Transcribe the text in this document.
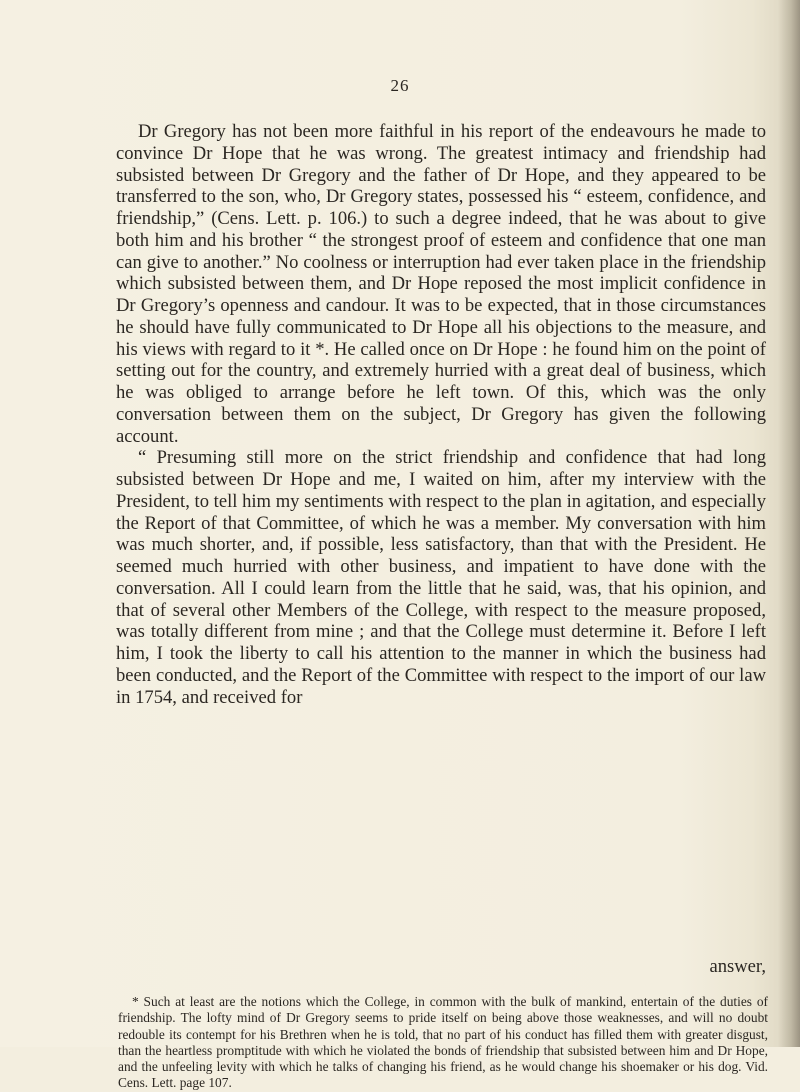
26

Dr Gregory has not been more faithful in his report of the endeavours he made to convince Dr Hope that he was wrong. The greatest intimacy and friendship had subsisted between Dr Gregory and the father of Dr Hope, and they appeared to be transferred to the son, who, Dr Gregory states, possessed his “ esteem, confidence, and friendship,” (Cens. Lett. p. 106.) to such a degree indeed, that he was about to give both him and his brother “ the strongest proof of esteem and confidence that one man can give to another.” No coolness or interruption had ever taken place in the friendship which subsisted between them, and Dr Hope reposed the most implicit confidence in Dr Gregory’s openness and candour. It was to be expected, that in those circumstances he should have fully communicated to Dr Hope all his objections to the measure, and his views with regard to it *. He called once on Dr Hope : he found him on the point of setting out for the country, and extremely hurried with a great deal of business, which he was obliged to arrange before he left town. Of this, which was the only conversation between them on the subject, Dr Gregory has given the following account.

“ Presuming still more on the strict friendship and confidence that had long subsisted between Dr Hope and me, I waited on him, after my interview with the President, to tell him my sentiments with respect to the plan in agitation, and especially the Report of that Committee, of which he was a member. My conversation with him was much shorter, and, if possible, less satisfactory, than that with the President. He seemed much hurried with other business, and impatient to have done with the conversation. All I could learn from the little that he said, was, that his opinion, and that of several other Members of the College, with respect to the measure proposed, was totally different from mine ; and that the College must determine it. Before I left him, I took the liberty to call his attention to the manner in which the business had been conducted, and the Report of the Committee with respect to the import of our law in 1754, and received for

answer,
* Such at least are the notions which the College, in common with the bulk of mankind, entertain of the duties of friendship. The lofty mind of Dr Gregory seems to pride itself on being above those weaknesses, and will no doubt redouble its contempt for his Brethren when he is told, that no part of his conduct has filled them with greater disgust, than the heartless promptitude with which he violated the bonds of friendship that subsisted between him and Dr Hope, and the unfeeling levity with which he talks of changing his friend, as he would change his shoemaker or his dog. Vid. Cens. Lett. page 107.
